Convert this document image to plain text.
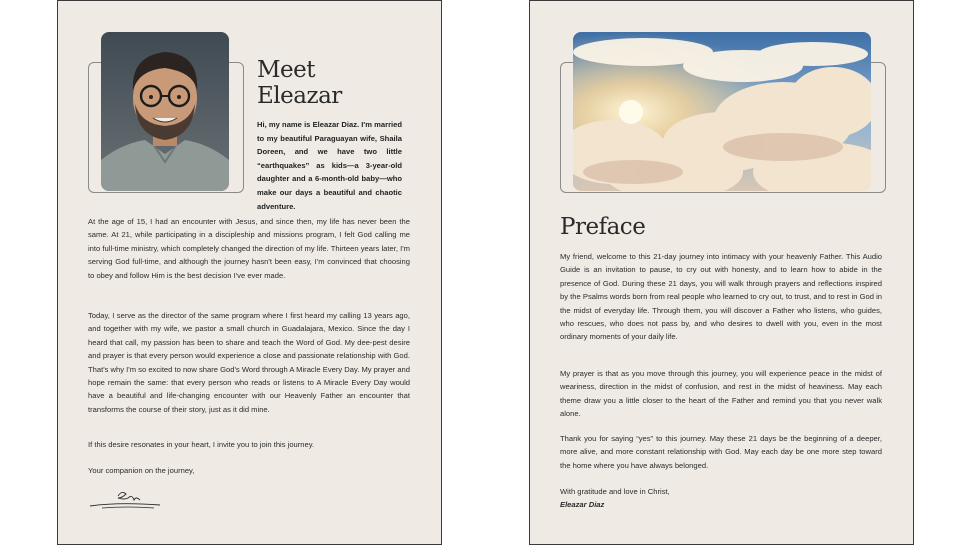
Meet
Eleazar
Hi, my name is Eleazar Diaz. I'm married to my beautiful Paraguayan wife, Shaila Doreen, and we have two little “earthquakes” as kids—a 3-year-old daughter and a 6-month-old baby—who make our days a beautiful and chaotic adventure.
At the age of 15, I had an encounter with Jesus, and since then, my life has never been the same. At 21, while participating in a discipleship and missions program, I felt God calling me into full-time ministry, which completely changed the direction of my life. Thirteen years later, I'm serving God full-time, and although the journey hasn't been easy, I'm convinced that choosing to obey and follow Him is the best decision I've ever made.
Today, I serve as the director of the same program where I first heard my calling 13 years ago, and together with my wife, we pastor a small church in Guadalajara, Mexico. Since the day I heard that call, my passion has been to share and teach the Word of God. My dee-pest desire and prayer is that every person would experience a close and passionate relationship with God. That's why I'm so excited to now share God's Word through A Miracle Every Day. My prayer and hope remain the same: that every person who reads or listens to A Miracle Every Day would have a beautiful and life-changing encounter with our Heavenly Father an encounter that transforms the course of their story, just as it did mine.
If this desire resonates in your heart, I invite you to join this journey.
Your companion on the journey,
Preface
My friend, welcome to this 21-day journey into intimacy with your heavenly Father. This Audio Guide is an invitation to pause, to cry out with honesty, and to learn how to abide in the presence of God. During these 21 days, you will walk through prayers and reflections inspired by the Psalms words born from real people who learned to cry out, to trust, and to rest in God in the midst of everyday life. Through them, you will discover a Father who listens, who guides, who rescues, who does not pass by, and who desires to dwell with you, even in the most ordinary moments of your daily life.
My prayer is that as you move through this journey, you will experience peace in the midst of weariness, direction in the midst of confusion, and rest in the midst of heaviness. May each theme draw you a little closer to the heart of the Father and remind you that you never walk alone.
Thank you for saying “yes” to this journey. May these 21 days be the beginning of a deeper, more alive, and more constant relationship with God. May each day be one more step toward the home where you have always belonged.
With gratitude and love in Christ,
Eleazar Diaz
